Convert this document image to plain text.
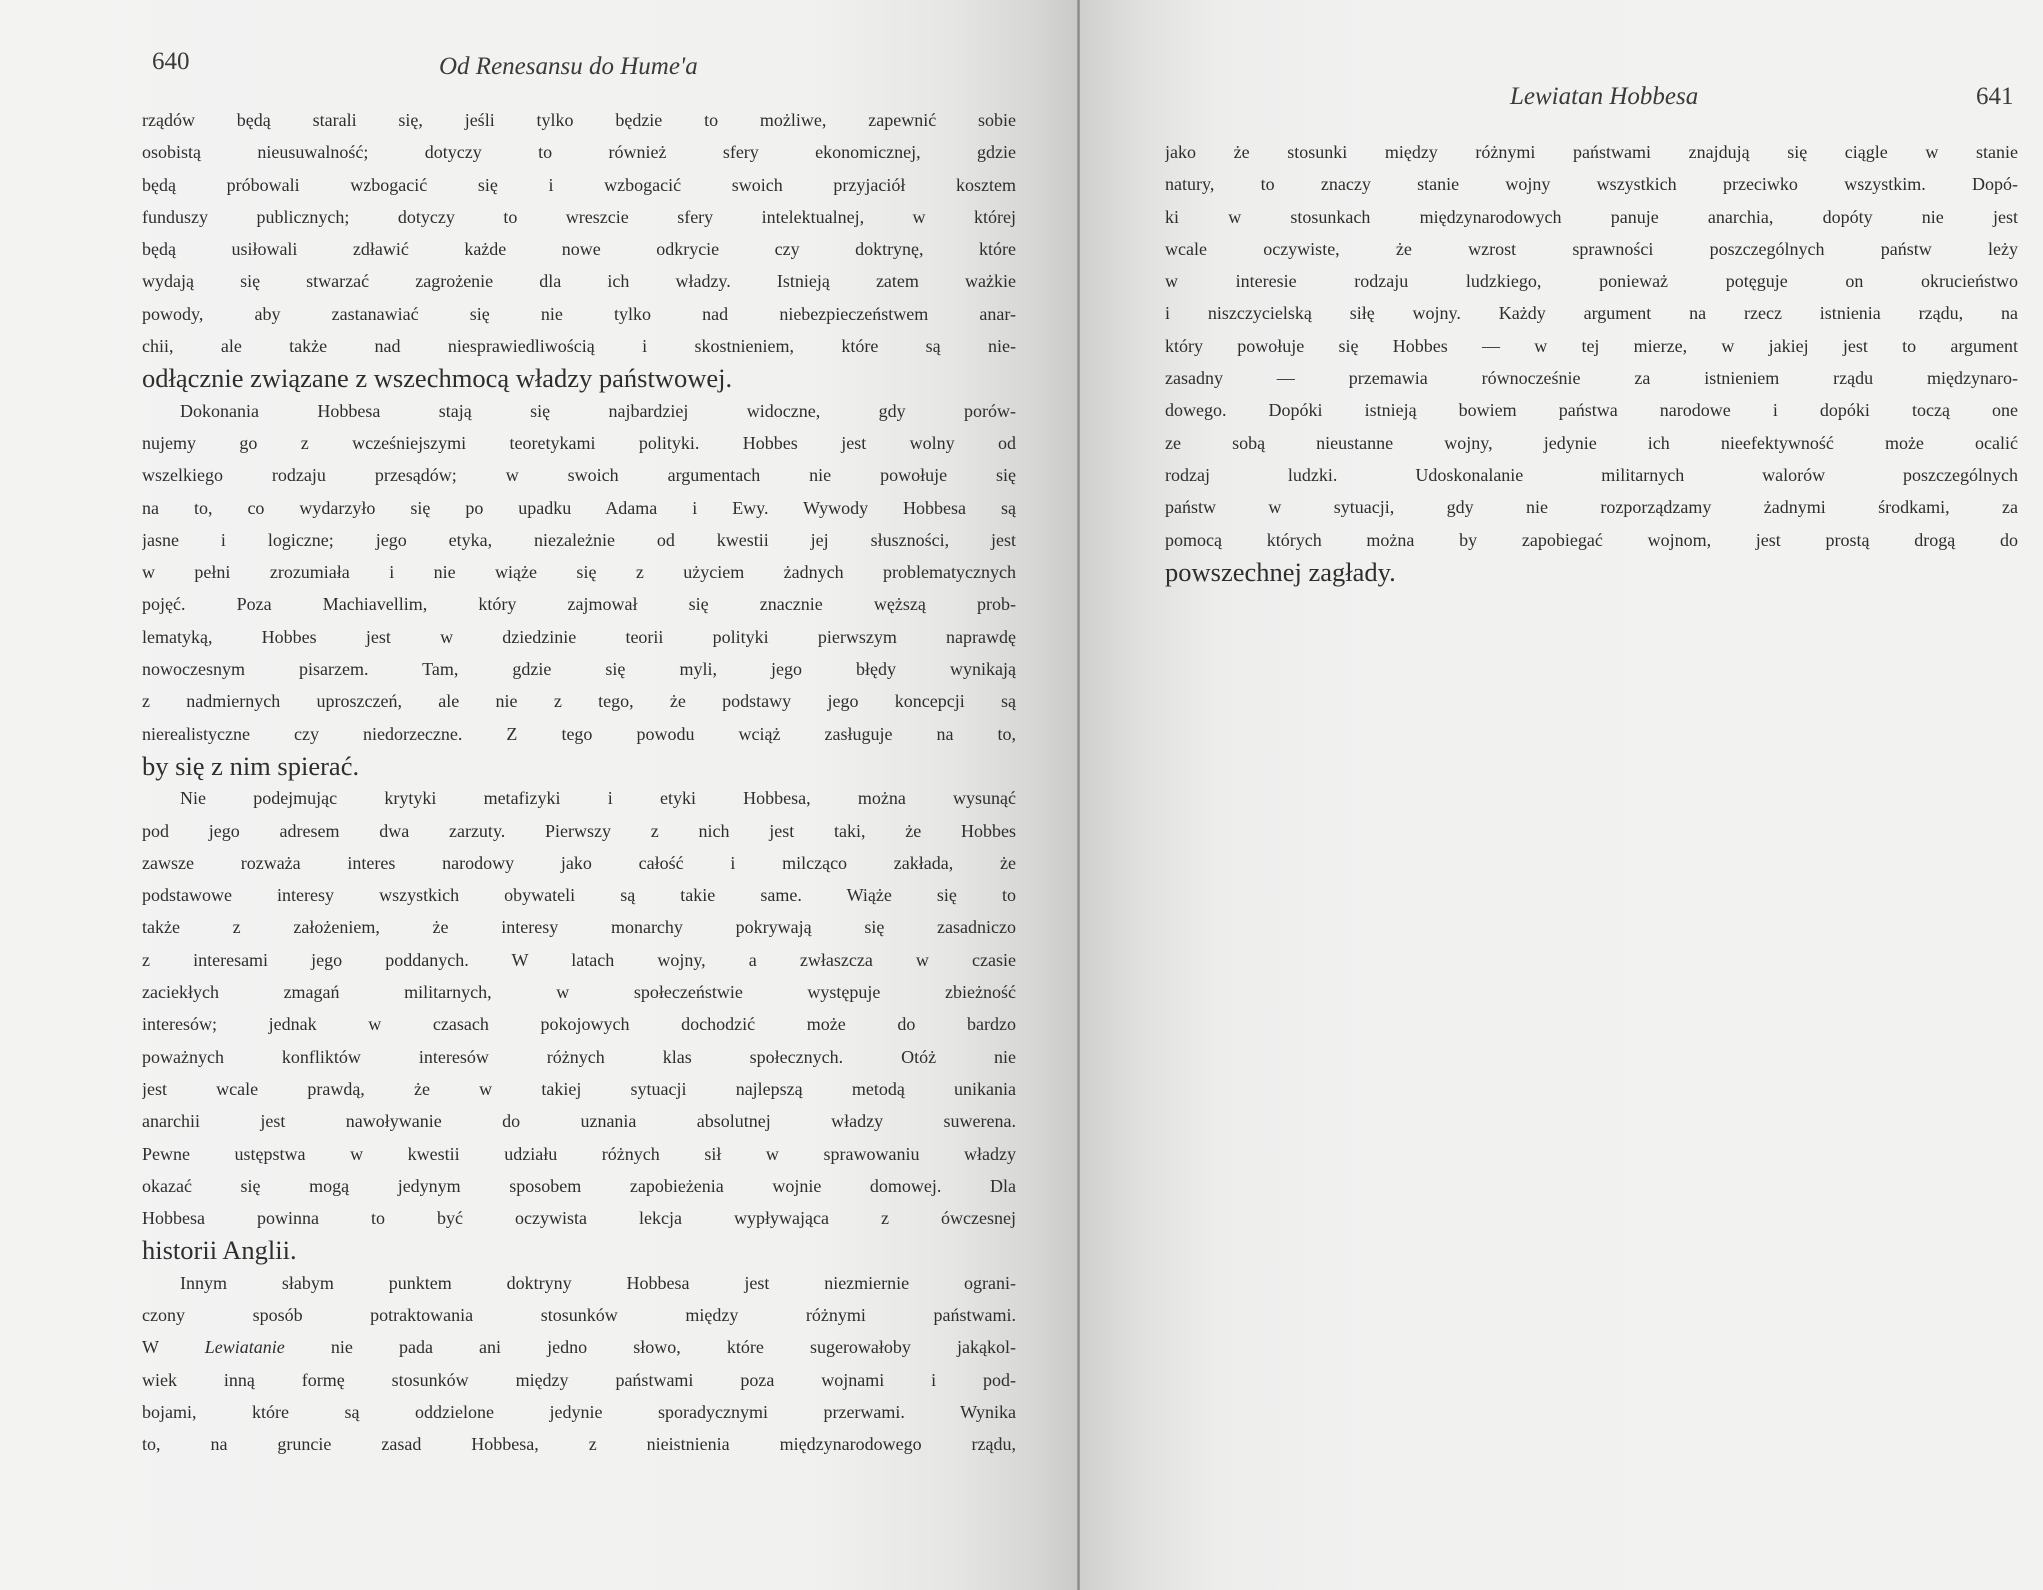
640	Od Renesansu do Hume'a
rządów będą starali się, jeśli tylko będzie to możliwe, zapewnić sobie
osobistą nieusuwalność; dotyczy to również sfery ekonomicznej, gdzie
będą próbowali wzbogacić się i wzbogacić swoich przyjaciół kosztem
funduszy publicznych; dotyczy to wreszcie sfery intelektualnej, w której
będą usiłowali zdławić każde nowe odkrycie czy doktrynę, które
wydają się stwarzać zagrożenie dla ich władzy. Istnieją zatem ważkie
powody, aby zastanawiać się nie tylko nad niebezpieczeństwem anar-
chii, ale także nad niesprawiedliwością i skostnieniem, które są nie-
odłącznie związane z wszechmocą władzy państwowej.
Dokonania Hobbesa stają się najbardziej widoczne, gdy porów-
nujemy go z wcześniejszymi teoretykami polityki. Hobbes jest wolny od
wszelkiego rodzaju przesądów; w swoich argumentach nie powołuje się
na to, co wydarzyło się po upadku Adama i Ewy. Wywody Hobbesa są
jasne i logiczne; jego etyka, niezależnie od kwestii jej słuszności, jest
w pełni zrozumiała i nie wiąże się z użyciem żadnych problematycznych
pojęć. Poza Machiavellim, który zajmował się znacznie węższą prob-
lematyką, Hobbes jest w dziedzinie teorii polityki pierwszym naprawdę
nowoczesnym pisarzem. Tam, gdzie się myli, jego błędy wynikają
z nadmiernych uproszczeń, ale nie z tego, że podstawy jego koncepcji są
nierealistyczne czy niedorzeczne. Z tego powodu wciąż zasługuje na to,
by się z nim spierać.
Nie podejmując krytyki metafizyki i etyki Hobbesa, można wysunąć
pod jego adresem dwa zarzuty. Pierwszy z nich jest taki, że Hobbes
zawsze rozważa interes narodowy jako całość i milcząco zakłada, że
podstawowe interesy wszystkich obywateli są takie same. Wiąże się to
także z założeniem, że interesy monarchy pokrywają się zasadniczo
z interesami jego poddanych. W latach wojny, a zwłaszcza w czasie
zaciekłych zmagań militarnych, w społeczeństwie występuje zbieżność
interesów; jednak w czasach pokojowych dochodzić może do bardzo
poważnych konfliktów interesów różnych klas społecznych. Otóż nie
jest wcale prawdą, że w takiej sytuacji najlepszą metodą unikania
anarchii jest nawoływanie do uznania absolutnej władzy suwerena.
Pewne ustępstwa w kwestii udziału różnych sił w sprawowaniu władzy
okazać się mogą jedynym sposobem zapobieżenia wojnie domowej. Dla
Hobbesa powinna to być oczywista lekcja wypływająca z ówczesnej
historii Anglii.
Innym słabym punktem doktryny Hobbesa jest niezmiernie ograni-
czony sposób potraktowania stosunków między różnymi państwami.
W Lewiatanie nie pada ani jedno słowo, które sugerowałoby jakąkol-
wiek inną formę stosunków między państwami poza wojnami i pod-
bojami, które są oddzielone jedynie sporadycznymi przerwami. Wynika
to, na gruncie zasad Hobbesa, z nieistnienia międzynarodowego rządu,
Lewiatan Hobbesa	641
jako że stosunki między różnymi państwami znajdują się ciągle w stanie
natury, to znaczy stanie wojny wszystkich przeciwko wszystkim. Dopó-
ki w stosunkach międzynarodowych panuje anarchia, dopóty nie jest
wcale oczywiste, że wzrost sprawności poszczególnych państw leży
w interesie rodzaju ludzkiego, ponieważ potęguje on okrucieństwo
i niszczycielską siłę wojny. Każdy argument na rzecz istnienia rządu, na
który powołuje się Hobbes — w tej mierze, w jakiej jest to argument
zasadny — przemawia równocześnie za istnieniem rządu międzynaro-
dowego. Dopóki istnieją bowiem państwa narodowe i dopóki toczą one
ze sobą nieustanne wojny, jedynie ich nieefektywność może ocalić
rodzaj ludzki. Udoskonalanie militarnych walorów poszczególnych
państw w sytuacji, gdy nie rozporządzamy żadnymi środkami, za
pomocą których można by zapobiegać wojnom, jest prostą drogą do
powszechnej zagłady.
